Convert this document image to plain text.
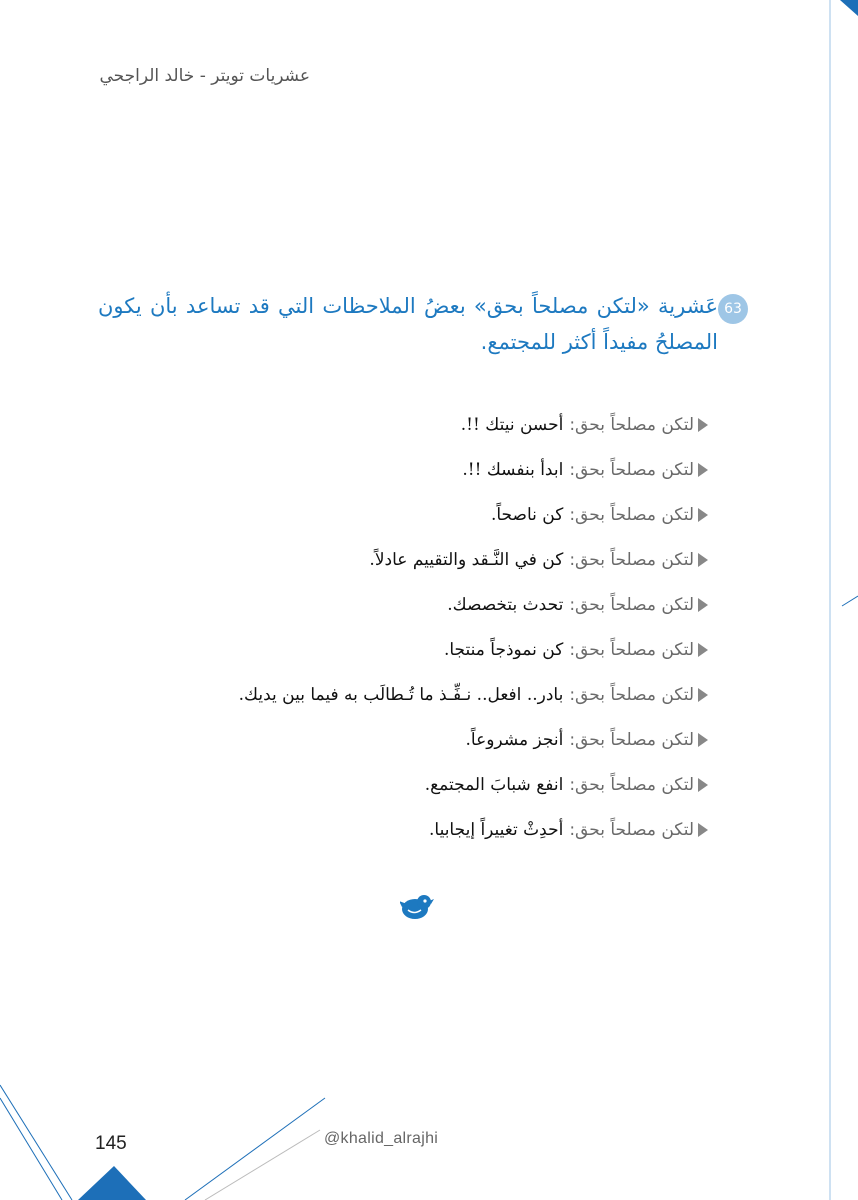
عشريات تويتر - خالد الراجحي
63
عَشرية «لتكن مصلحاً بحق» بعضُ الملاحظات التي قد تساعد بأن يكون المصلحُ مفيداً أكثر للمجتمع.
لتكن مصلحاً بحق:
أحسن نيتك !!.
لتكن مصلحاً بحق:
ابدأ بنفسك !!.
لتكن مصلحاً بحق:
كن ناصحاً.
لتكن مصلحاً بحق:
كن في النَّـقد والتقييم عادلاً.
لتكن مصلحاً بحق:
تحدث بتخصصك.
لتكن مصلحاً بحق:
كن نموذجاً منتجا.
لتكن مصلحاً بحق:
بادر.. افعل.. نـفِّـذ ما تُـطالَب به فيما بين يديك.
لتكن مصلحاً بحق:
أنجز مشروعاً.
لتكن مصلحاً بحق:
انفع شبابَ المجتمع.
لتكن مصلحاً بحق:
أحدِثْ تغييراً إيجابيا.
145	@khalid_alrajhi
